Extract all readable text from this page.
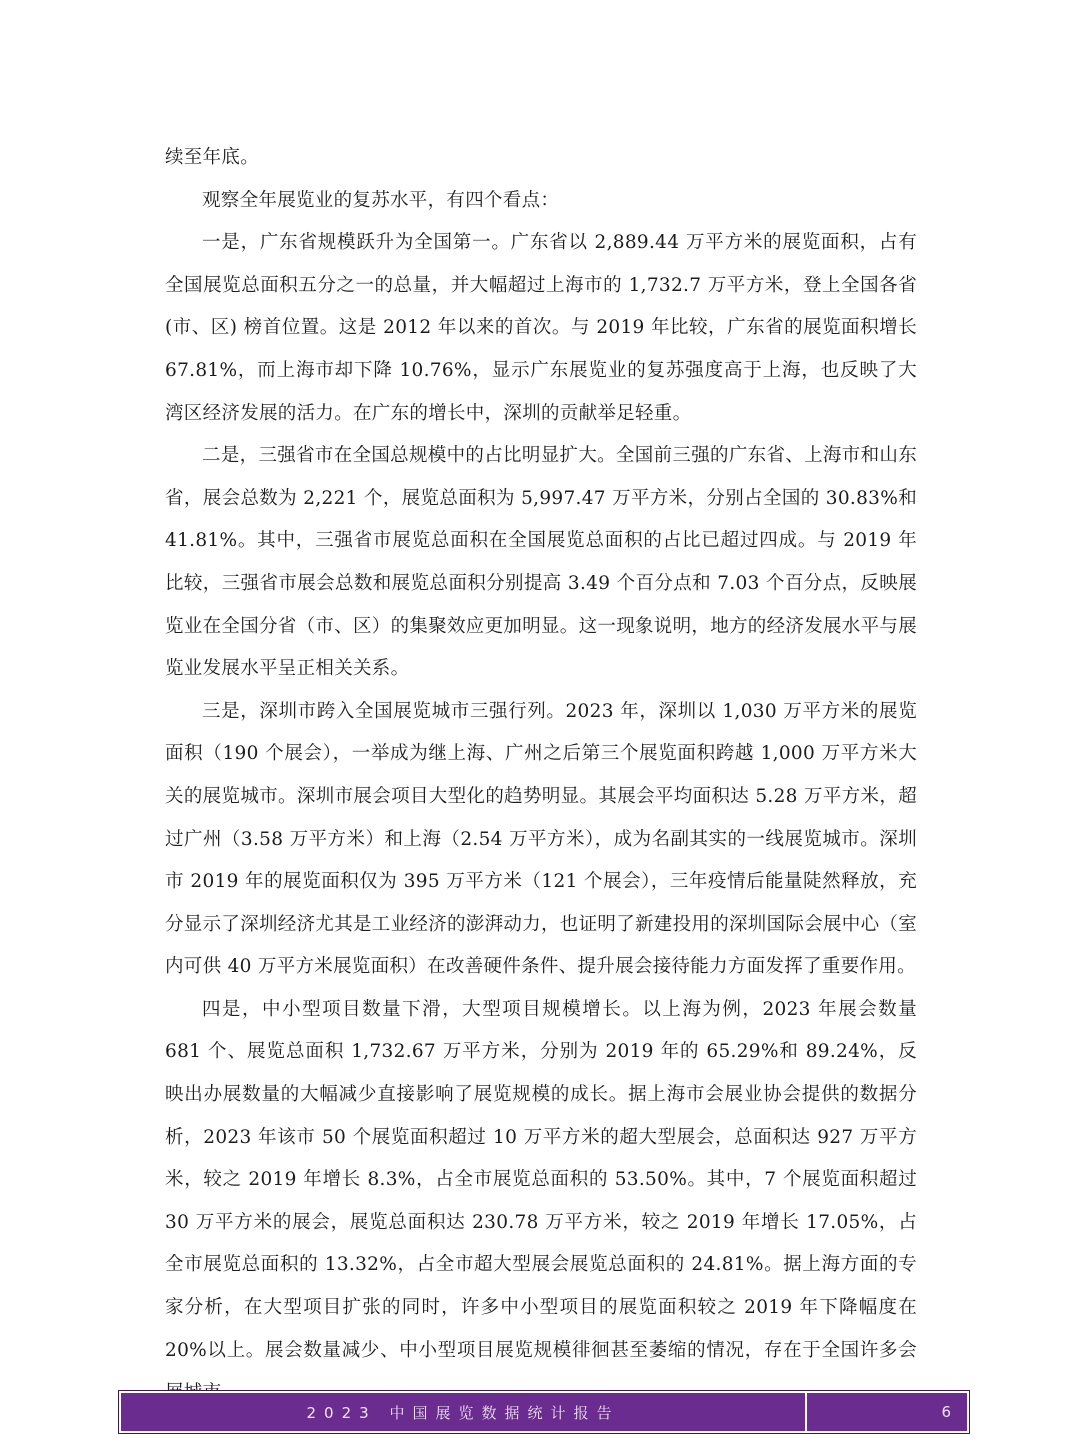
续至年底。

观察全年展览业的复苏水平，有四个看点：

一是，广东省规模跃升为全国第一。广东省以 2,889.44 万平方米的展览面积，占有全国展览总面积五分之一的总量，并大幅超过上海市的 1,732.7 万平方米，登上全国各省(市、区) 榜首位置。这是 2012 年以来的首次。与 2019 年比较，广东省的展览面积增长 67.81%，而上海市却下降 10.76%，显示广东展览业的复苏强度高于上海，也反映了大湾区经济发展的活力。在广东的增长中，深圳的贡献举足轻重。

二是，三强省市在全国总规模中的占比明显扩大。全国前三强的广东省、上海市和山东省，展会总数为 2,221 个，展览总面积为 5,997.47 万平方米，分别占全国的 30.83%和 41.81%。其中，三强省市展览总面积在全国展览总面积的占比已超过四成。与 2019 年比较，三强省市展会总数和展览总面积分别提高 3.49 个百分点和 7.03 个百分点，反映展览业在全国分省（市、区）的集聚效应更加明显。这一现象说明，地方的经济发展水平与展览业发展水平呈正相关关系。

三是，深圳市跨入全国展览城市三强行列。2023 年，深圳以 1,030 万平方米的展览面积（190 个展会），一举成为继上海、广州之后第三个展览面积跨越 1,000 万平方米大关的展览城市。深圳市展会项目大型化的趋势明显。其展会平均面积达 5.28 万平方米，超过广州（3.58 万平方米）和上海（2.54 万平方米），成为名副其实的一线展览城市。深圳市 2019 年的展览面积仅为 395 万平方米（121 个展会），三年疫情后能量陡然释放，充分显示了深圳经济尤其是工业经济的澎湃动力，也证明了新建投用的深圳国际会展中心（室内可供 40 万平方米展览面积）在改善硬件条件、提升展会接待能力方面发挥了重要作用。

四是，中小型项目数量下滑，大型项目规模增长。以上海为例，2023 年展会数量 681 个、展览总面积 1,732.67 万平方米，分别为 2019 年的 65.29%和 89.24%，反映出办展数量的大幅减少直接影响了展览规模的成长。据上海市会展业协会提供的数据分析，2023 年该市 50 个展览面积超过 10 万平方米的超大型展会，总面积达 927 万平方米，较之 2019 年增长 8.3%，占全市展览总面积的 53.50%。其中，7 个展览面积超过 30 万平方米的展会，展览总面积达 230.78 万平方米，较之 2019 年增长 17.05%，占全市展览总面积的 13.32%，占全市超大型展会展览总面积的 24.81%。据上海方面的专家分析，在大型项目扩张的同时，许多中小型项目的展览面积较之 2019 年下降幅度在 20%以上。展会数量减少、中小型项目展览规模徘徊甚至萎缩的情况，存在于全国许多会

2023 中国展览数据统计报告	6
